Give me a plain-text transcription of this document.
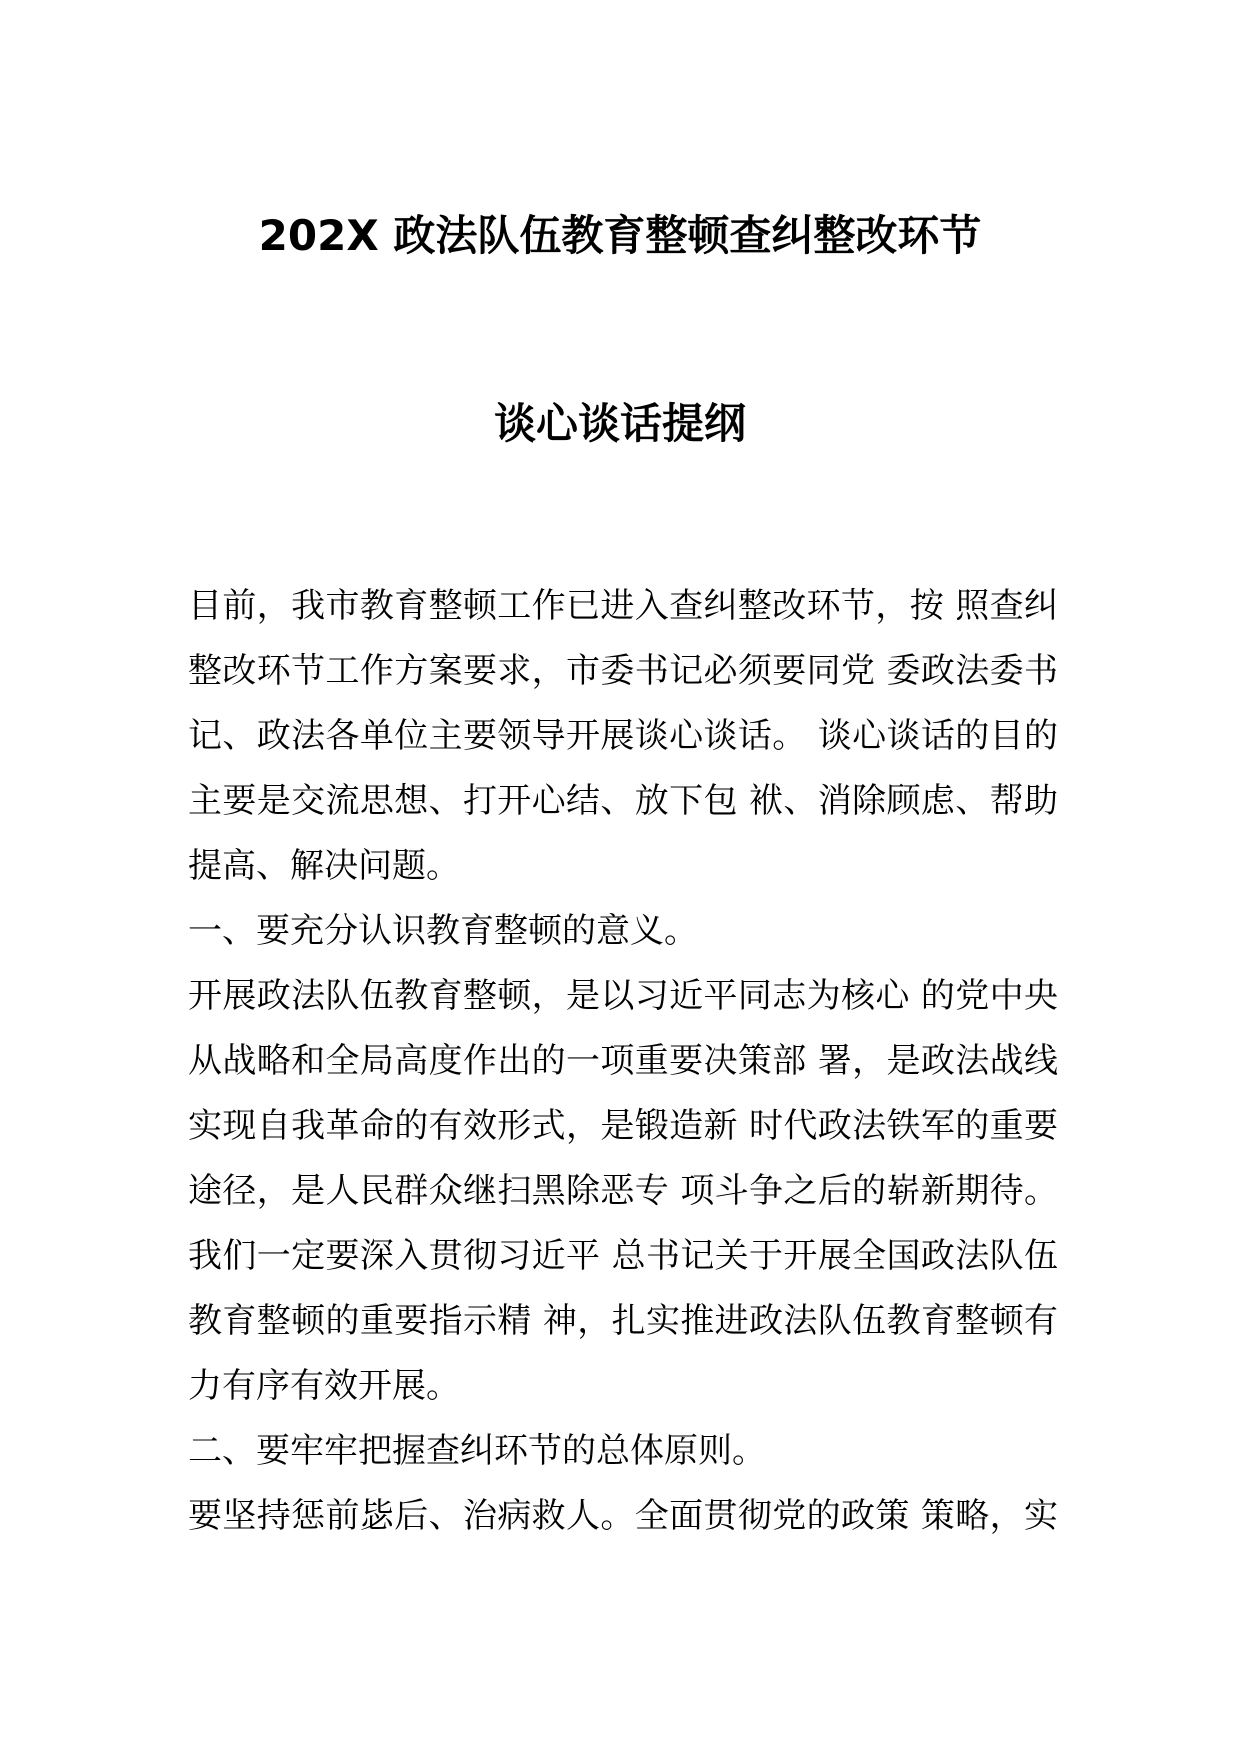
202X 政法队伍教育整顿查纠整改环节
谈心谈话提纲

目前，我市教育整顿工作已进入查纠整改环节，按 照查纠

整改环节工作方案要求，市委书记必须要同党 委政法委书

记、政法各单位主要领导开展谈心谈话。 谈心谈话的目的

主要是交流思想、打开心结、放下包 袱、消除顾虑、帮助

提高、解决问题。

一、要充分认识教育整顿的意义。

开展政法队伍教育整顿，是以习近平同志为核心 的党中央

从战略和全局高度作出的一项重要决策部 署，是政法战线

实现自我革命的有效形式，是锻造新 时代政法铁军的重要

途径，是人民群众继扫黑除恶专 项斗争之后的崭新期待。

我们一定要深入贯彻习近平 总书记关于开展全国政法队伍

教育整顿的重要指示精 神，扎实推进政法队伍教育整顿有

力有序有效开展。

二、要牢牢把握查纠环节的总体原则。

要坚持惩前毖后、治病救人。全面贯彻党的政策 策略，实
